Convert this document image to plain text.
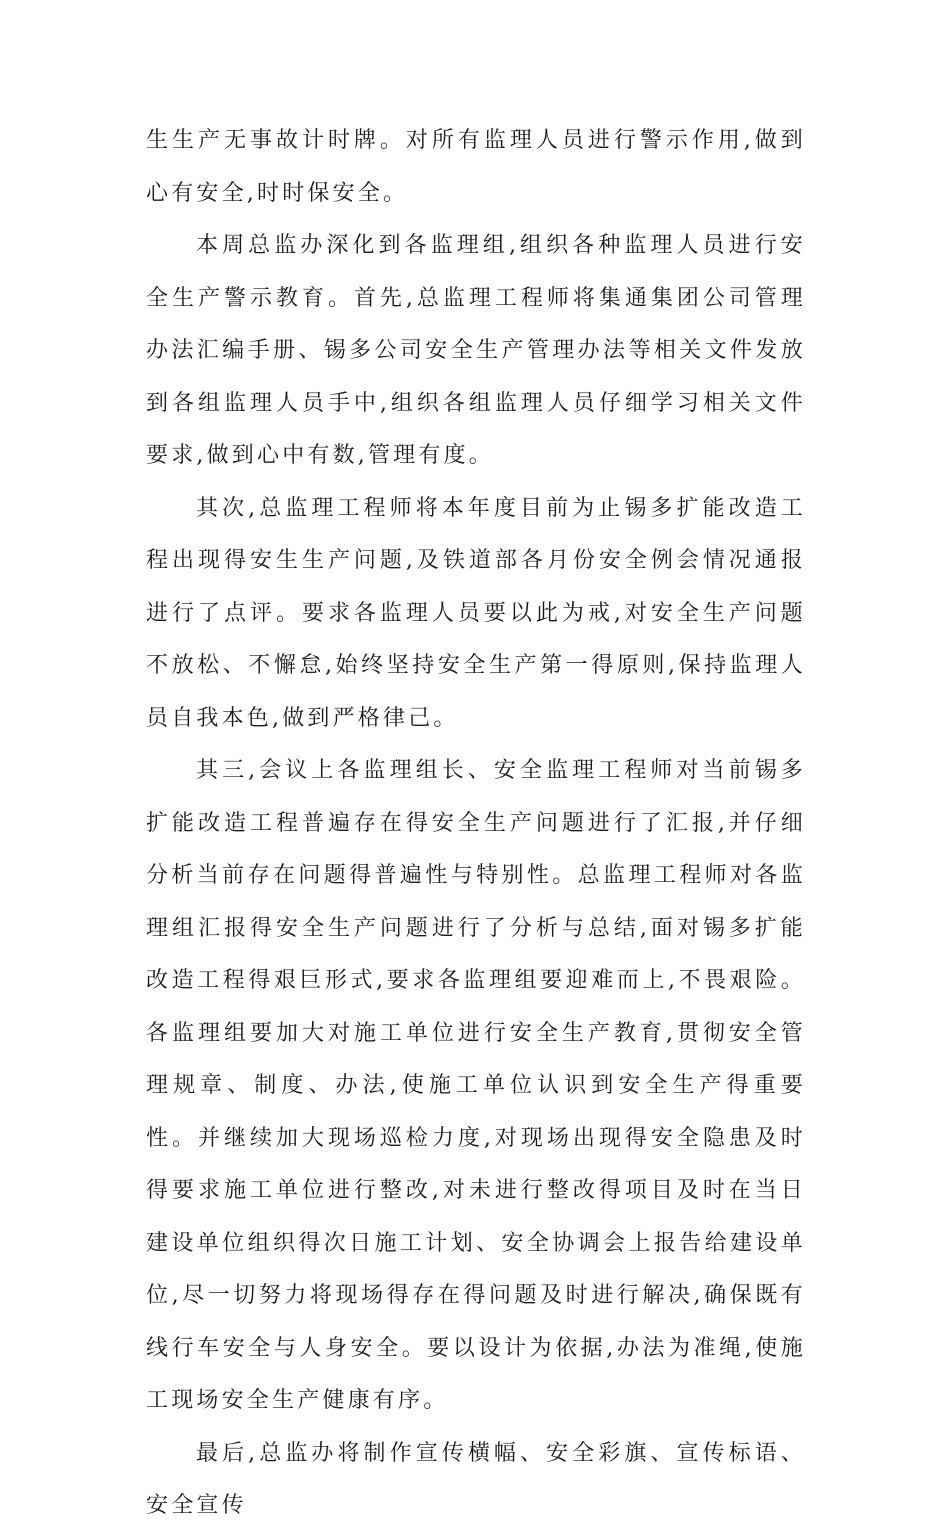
生生产无事故计时牌。对所有监理人员进行警示作用,做到心有安全,时时保安全。

本周总监办深化到各监理组,组织各种监理人员进行安全生产警示教育。首先,总监理工程师将集通集团公司管理办法汇编手册、锡多公司安全生产管理办法等相关文件发放到各组监理人员手中,组织各组监理人员仔细学习相关文件要求,做到心中有数,管理有度。

其次,总监理工程师将本年度目前为止锡多扩能改造工程出现得安生生产问题,及铁道部各月份安全例会情况通报进行了点评。要求各监理人员要以此为戒,对安全生产问题不放松、不懈怠,始终坚持安全生产第一得原则,保持监理人员自我本色,做到严格律己。

其三,会议上各监理组长、安全监理工程师对当前锡多扩能改造工程普遍存在得安全生产问题进行了汇报,并仔细分析当前存在问题得普遍性与特别性。总监理工程师对各监理组汇报得安全生产问题进行了分析与总结,面对锡多扩能改造工程得艰巨形式,要求各监理组要迎难而上,不畏艰险。各监理组要加大对施工单位进行安全生产教育,贯彻安全管理规章、制度、办法,使施工单位认识到安全生产得重要性。并继续加大现场巡检力度,对现场出现得安全隐患及时得要求施工单位进行整改,对未进行整改得项目及时在当日建设单位组织得次日施工计划、安全协调会上报告给建设单位,尽一切努力将现场得存在得问题及时进行解决,确保既有线行车安全与人身安全。要以设计为依据,办法为准绳,使施工现场安全生产健康有序。

最后,总监办将制作宣传横幅、安全彩旗、宣传标语、安全宣传
